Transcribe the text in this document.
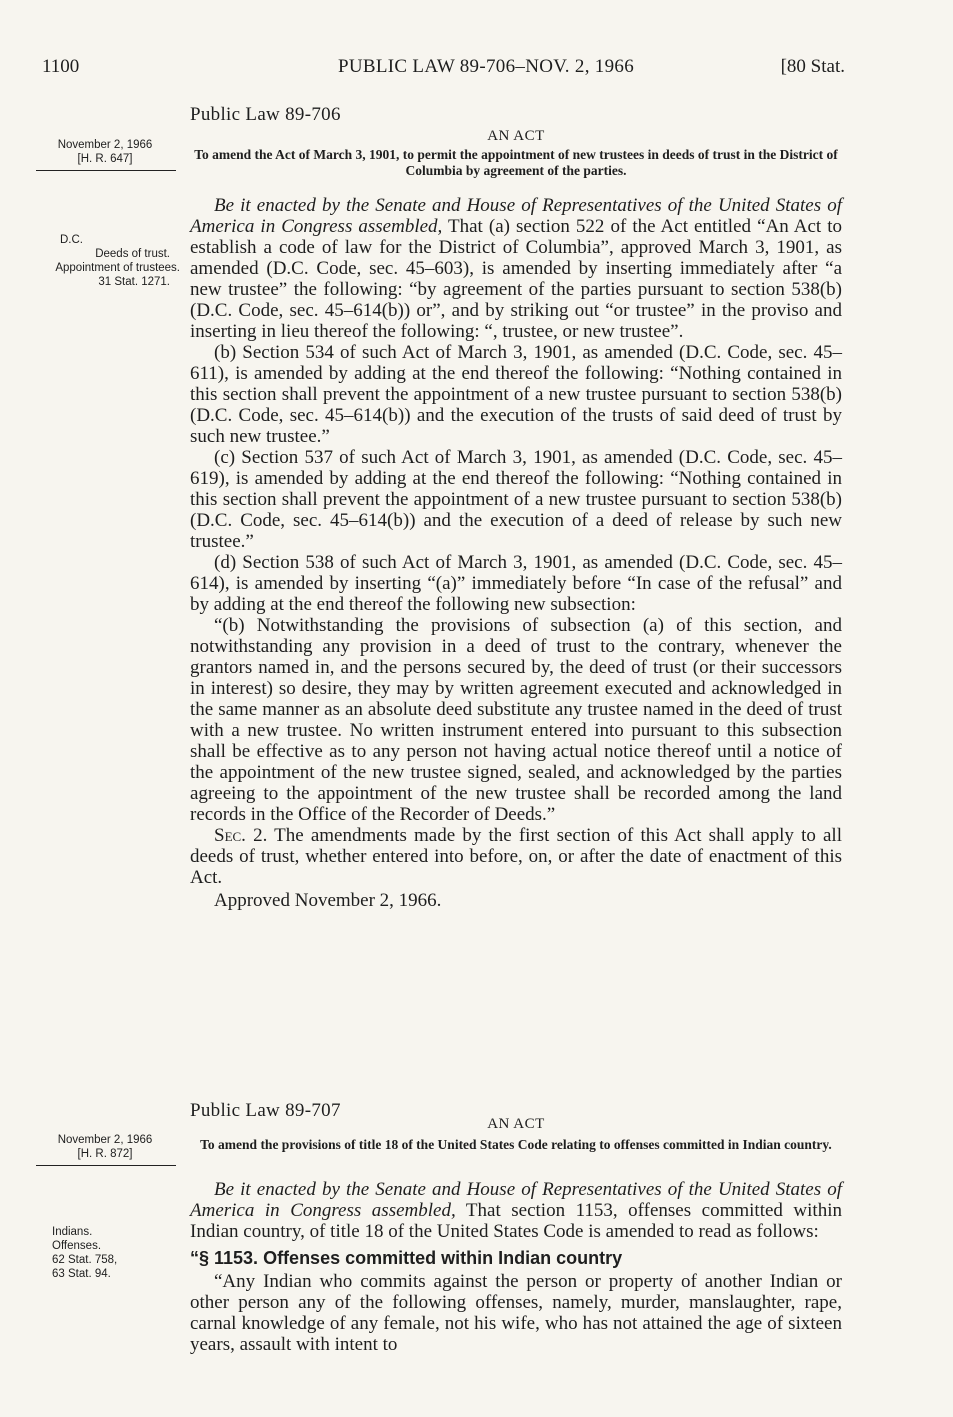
1100	PUBLIC LAW 89-706–NOV. 2, 1966	[80 Stat.
November 2, 1966
[H. R. 647]
D.C.
Deeds of trust.
Appointment of trustees.
31 Stat. 1271.
Public Law 89-706
AN ACT
To amend the Act of March 3, 1901, to permit the appointment of new trustees in deeds of trust in the District of Columbia by agreement of the parties.

Be it enacted by the Senate and House of Representatives of the United States of America in Congress assembled, That (a) section 522 of the Act entitled “An Act to establish a code of law for the District of Columbia”, approved March 3, 1901, as amended (D.C. Code, sec. 45–603), is amended by inserting immediately after “a new trustee” the following: “by agreement of the parties pursuant to section 538(b) (D.C. Code, sec. 45–614(b)) or”, and by striking out “or trustee” in the proviso and inserting in lieu thereof the following: “, trustee, or new trustee”.

(b) Section 534 of such Act of March 3, 1901, as amended (D.C. Code, sec. 45–611), is amended by adding at the end thereof the following: “Nothing contained in this section shall prevent the appointment of a new trustee pursuant to section 538(b) (D.C. Code, sec. 45–614(b)) and the execution of the trusts of said deed of trust by such new trustee.”

(c) Section 537 of such Act of March 3, 1901, as amended (D.C. Code, sec. 45–619), is amended by adding at the end thereof the following: “Nothing contained in this section shall prevent the appointment of a new trustee pursuant to section 538(b) (D.C. Code, sec. 45–614(b)) and the execution of a deed of release by such new trustee.”

(d) Section 538 of such Act of March 3, 1901, as amended (D.C. Code, sec. 45–614), is amended by inserting “(a)” immediately before “In case of the refusal” and by adding at the end thereof the following new subsection:

“(b) Notwithstanding the provisions of subsection (a) of this section, and notwithstanding any provision in a deed of trust to the contrary, whenever the grantors named in, and the persons secured by, the deed of trust (or their successors in interest) so desire, they may by written agreement executed and acknowledged in the same manner as an absolute deed substitute any trustee named in the deed of trust with a new trustee. No written instrument entered into pursuant to this subsection shall be effective as to any person not having actual notice thereof until a notice of the appointment of the new trustee signed, sealed, and acknowledged by the parties agreeing to the appointment of the new trustee shall be recorded among the land records in the Office of the Recorder of Deeds.”

Sec. 2. The amendments made by the first section of this Act shall apply to all deeds of trust, whether entered into before, on, or after the date of enactment of this Act.

Approved November 2, 1966.

November 2, 1966
[H. R. 872]
Indians.
Offenses.
62 Stat. 758,
63 Stat. 94.
Public Law 89-707
AN ACT
To amend the provisions of title 18 of the United States Code relating to offenses committed in Indian country.

Be it enacted by the Senate and House of Representatives of the United States of America in Congress assembled, That section 1153, offenses committed within Indian country, of title 18 of the United States Code is amended to read as follows:

“§ 1153. Offenses committed within Indian country

“Any Indian who commits against the person or property of another Indian or other person any of the following offenses, namely, murder, manslaughter, rape, carnal knowledge of any female, not his wife, who has not attained the age of sixteen years, assault with intent to
